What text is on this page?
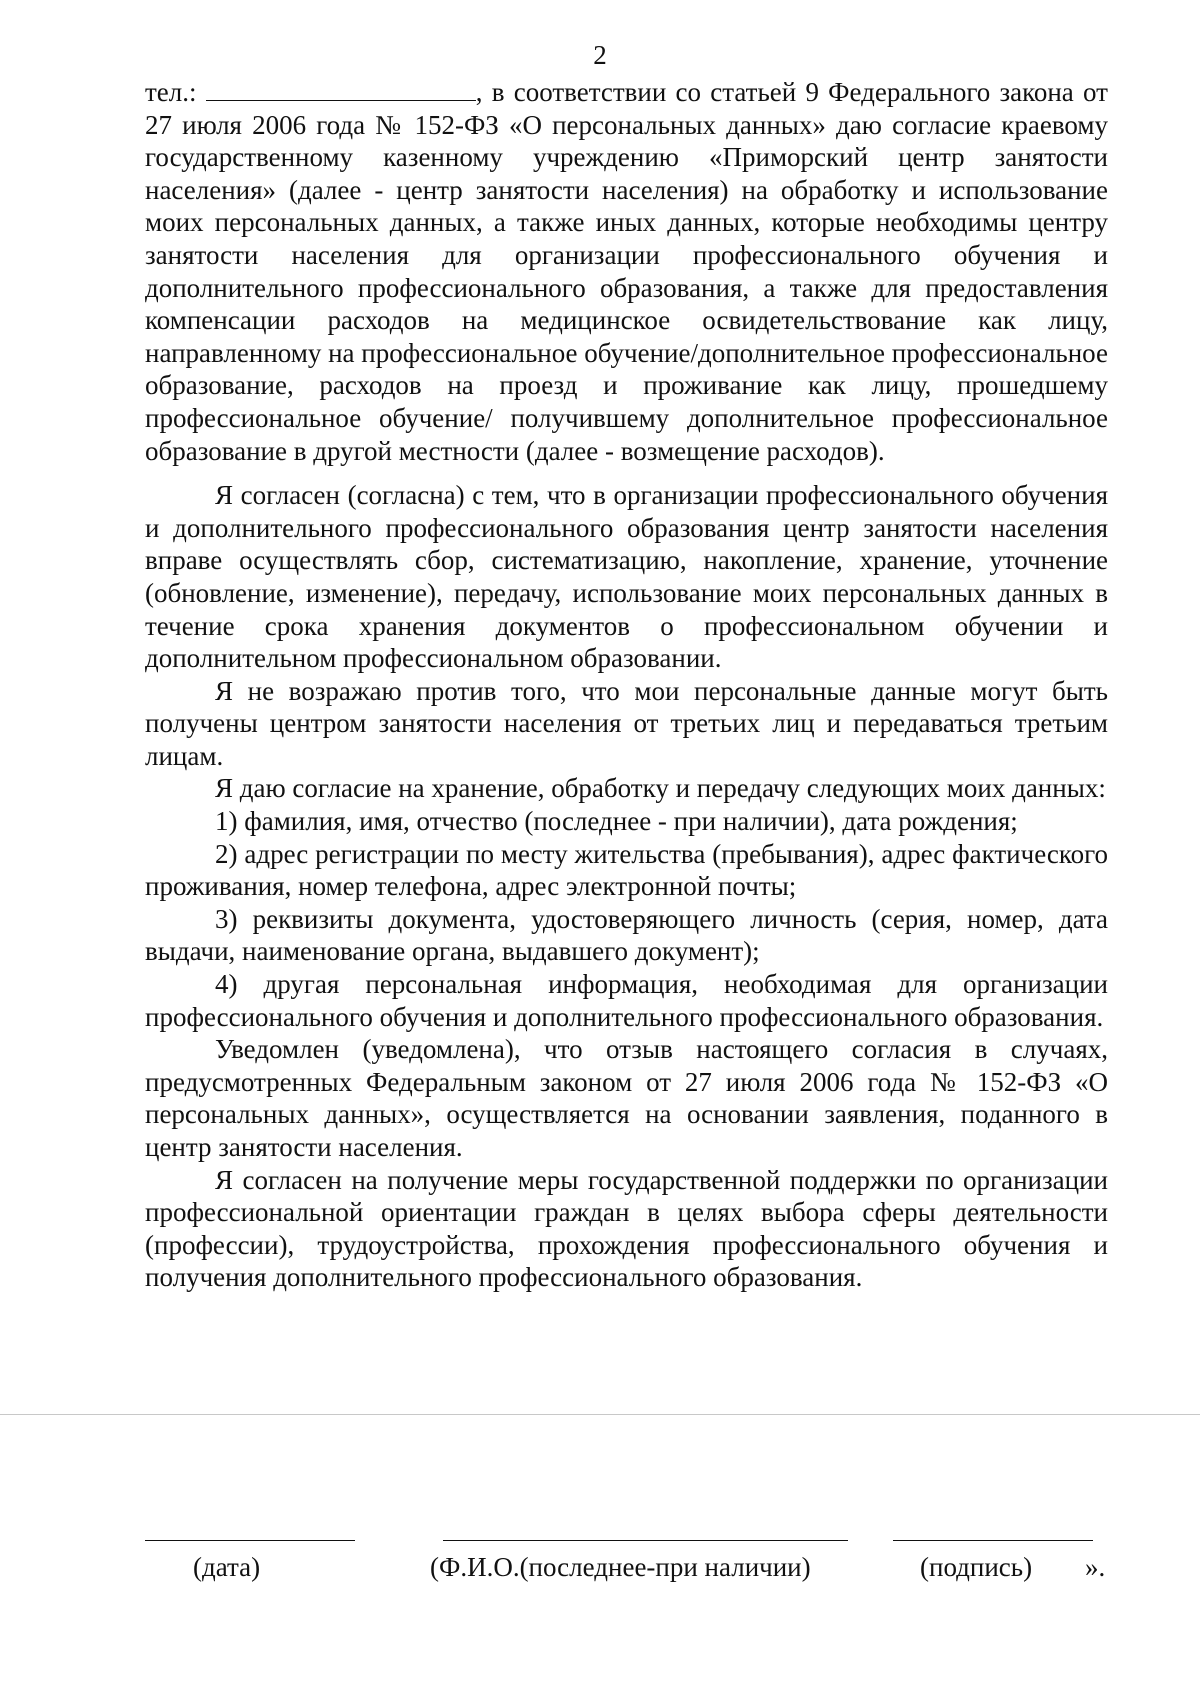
2

тел.:	, в соответствии со статьей 9 Федерального закона от 27 июля 2006 года № 152-ФЗ «О персональных данных» даю согласие краевому государственному казенному учреждению «Приморский центр занятости населения» (далее - центр занятости населения) на обработку и использование моих персональных данных, а также иных данных, которые необходимы центру занятости населения для организации профессионального обучения и дополнительного профессионального образования, а также для предоставления компенсации расходов на медицинское освидетельствование как лицу, направленному на профессиональное обучение/дополнительное профессиональное образование, расходов на проезд и проживание как лицу, прошедшему профессиональное обучение/ получившему дополнительное профессиональное образование в другой местности (далее - возмещение расходов).

Я согласен (согласна) с тем, что в организации профессионального обучения и дополнительного профессионального образования центр занятости населения вправе осуществлять сбор, систематизацию, накопление, хранение, уточнение (обновление, изменение), передачу, использование моих персональных данных в течение срока хранения документов о профессиональном обучении и дополнительном профессиональном образовании.

Я не возражаю против того, что мои персональные данные могут быть получены центром занятости населения от третьих лиц и передаваться третьим лицам.

Я даю согласие на хранение, обработку и передачу следующих моих данных:

1) фамилия, имя, отчество (последнее - при наличии), дата рождения;

2) адрес регистрации по месту жительства (пребывания), адрес фактического проживания, номер телефона, адрес электронной почты;

3) реквизиты документа, удостоверяющего личность (серия, номер, дата выдачи, наименование органа, выдавшего документ);

4) другая персональная информация, необходимая для организации профессионального обучения и дополнительного профессионального образования.

Уведомлен (уведомлена), что отзыв настоящего согласия в случаях, предусмотренных Федеральным законом от 27 июля 2006 года № 152-ФЗ «О персональных данных», осуществляется на основании заявления, поданного в центр занятости населения.

Я согласен на получение меры государственной поддержки по организации профессиональной ориентации граждан в целях выбора сферы деятельности (профессии), трудоустройства, прохождения профессионального обучения и получения дополнительного профессионального образования.

(дата)	(Ф.И.О.(последнее-при наличии)	(подпись) ».
